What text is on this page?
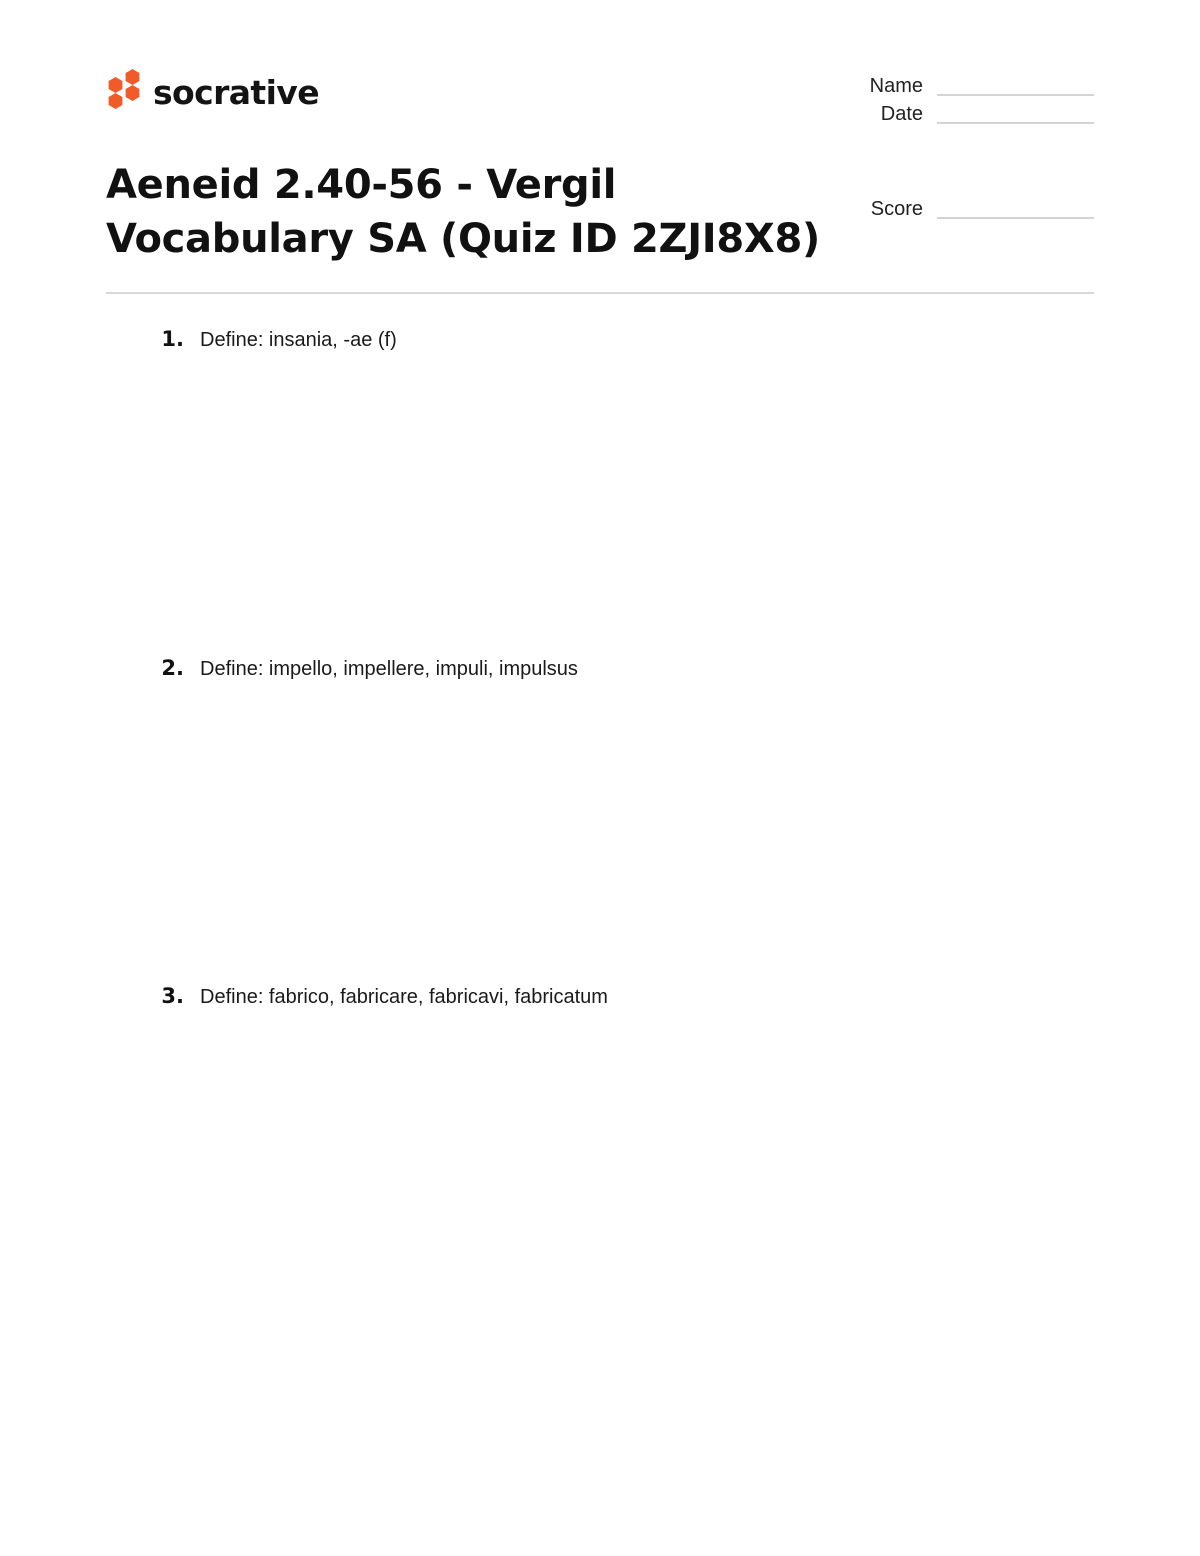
socrative	Name
Date
Score
Aeneid 2.40-56 - Vergil
Vocabulary SA (Quiz ID 2ZJI8X8)
1. Define: insania, -ae (f)
2. Define: impello, impellere, impuli, impulsus
3. Define: fabrico, fabricare, fabricavi, fabricatum
